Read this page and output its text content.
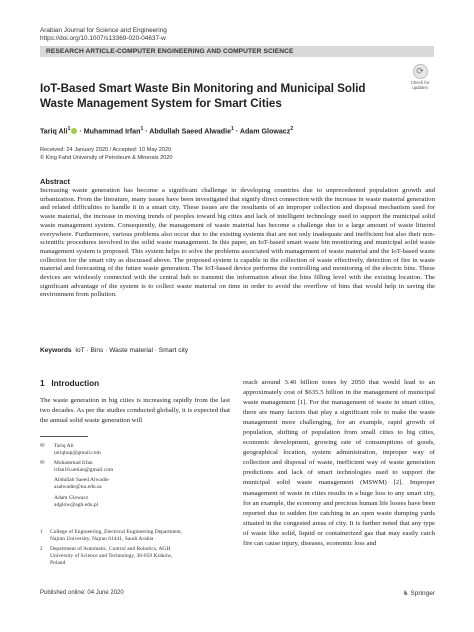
Arabian Journal for Science and Engineering
https://doi.org/10.1007/s13369-020-04637-w
RESEARCH ARTICLE-COMPUTER ENGINEERING AND COMPUTER SCIENCE
⟳
Check for
updates
IoT-Based Smart Waste Bin Monitoring and Municipal Solid Waste Management System for Smart Cities
Tariq Ali$^1$ · Muhammad Irfan$^1$ · Abdullah Saeed Alwadie$^1$ · Adam Glowacz$^2$
Received: 24 January 2020 / Accepted: 10 May 2020
© King Fahd University of Petroleum & Minerals 2020
Abstract
Increasing waste generation has become a significant challenge in developing countries due to unprecedented population growth and urbanization. From the literature, many issues have been investigated that signify direct connection with the increase in waste material generation and related difficulties to handle it in a smart city. These issues are the resultants of an improper collection and disposal mechanism used for waste material, the increase in moving trends of peoples toward big cities and lack of intelligent technology used to support the municipal solid waste management system. Consequently, the management of waste material has become a challenge due to a large amount of waste littered everywhere. Furthermore, various problems also occur due to the existing systems that are not only inadequate and inefficient but also their non-scientific procedures involved in the solid waste management. In this paper, an IoT-based smart waste bin monitoring and municipal solid waste management system is proposed. This system helps to solve the problems associated with management of waste material and the IoT-based waste collection for the smart city as discussed above. The proposed system is capable in the collection of waste effectively, detection of fire in waste material and forecasting of the future waste generation. The IoT-based device performs the controlling and monitoring of the electric bins. These devices are wirelessly connected with the central hub to transmit the information about the bins filling level with the existing location. The significant advantage of the system is to collect waste material on time in order to avoid the overflow of bins that would help in saving the environment from pollution.
Keywords IoT · Bins · Waste material · Smart city
1 Introduction
The waste generation in big cities is increasing rapidly from the last two decades. As per the studies conducted globally, it is expected that the annual solid waste generation will
reach around 3.40 billion tones by 2050 that would lead to an approximately cost of $635.5 billion in the management of municipal waste management [1]. For the management of waste in smart cities, there are many factors that play a significant role to make the waste management more challenging, for an example, rapid growth of population, shifting of population from small cities to big cities, economic development, growing rate of consumptions of goods, geographical location, system administration, improper way of collection and disposal of waste, inefficient way of waste generation predictions and lack of smart technologies used to support the municipal solid waste management (MSWM) [2]. Improper management of waste in cities results in a huge loss to any smart city, for an example, the economy and precious human life losses have been reported due to sudden fire catching in an open waste dumping yards situated in the congested areas of city. It is further noted that any type of waste like solid, liquid or containerized gas that may easily catch fire can cause injury, diseases, economic loss and
✉ Tariq Ali
tariqhup@gmail.com
✉ Muhammad Irfan
irfan16.uetian@gmail.com
Abdullah Saeed Alwadie
asalwadie@nu.edu.sa
Adam Glowacz
adglow@agh.edu.pl
1 College of Engineering, Electrical Engineering Department,
Najran University, Najran 61441, Saudi Arabia
2 Department of Automatic, Control and Robotics, AGH
University of Science and Technology, 30-059 Kraków,
Poland
Published online: 04 June 2020	♞ Springer
